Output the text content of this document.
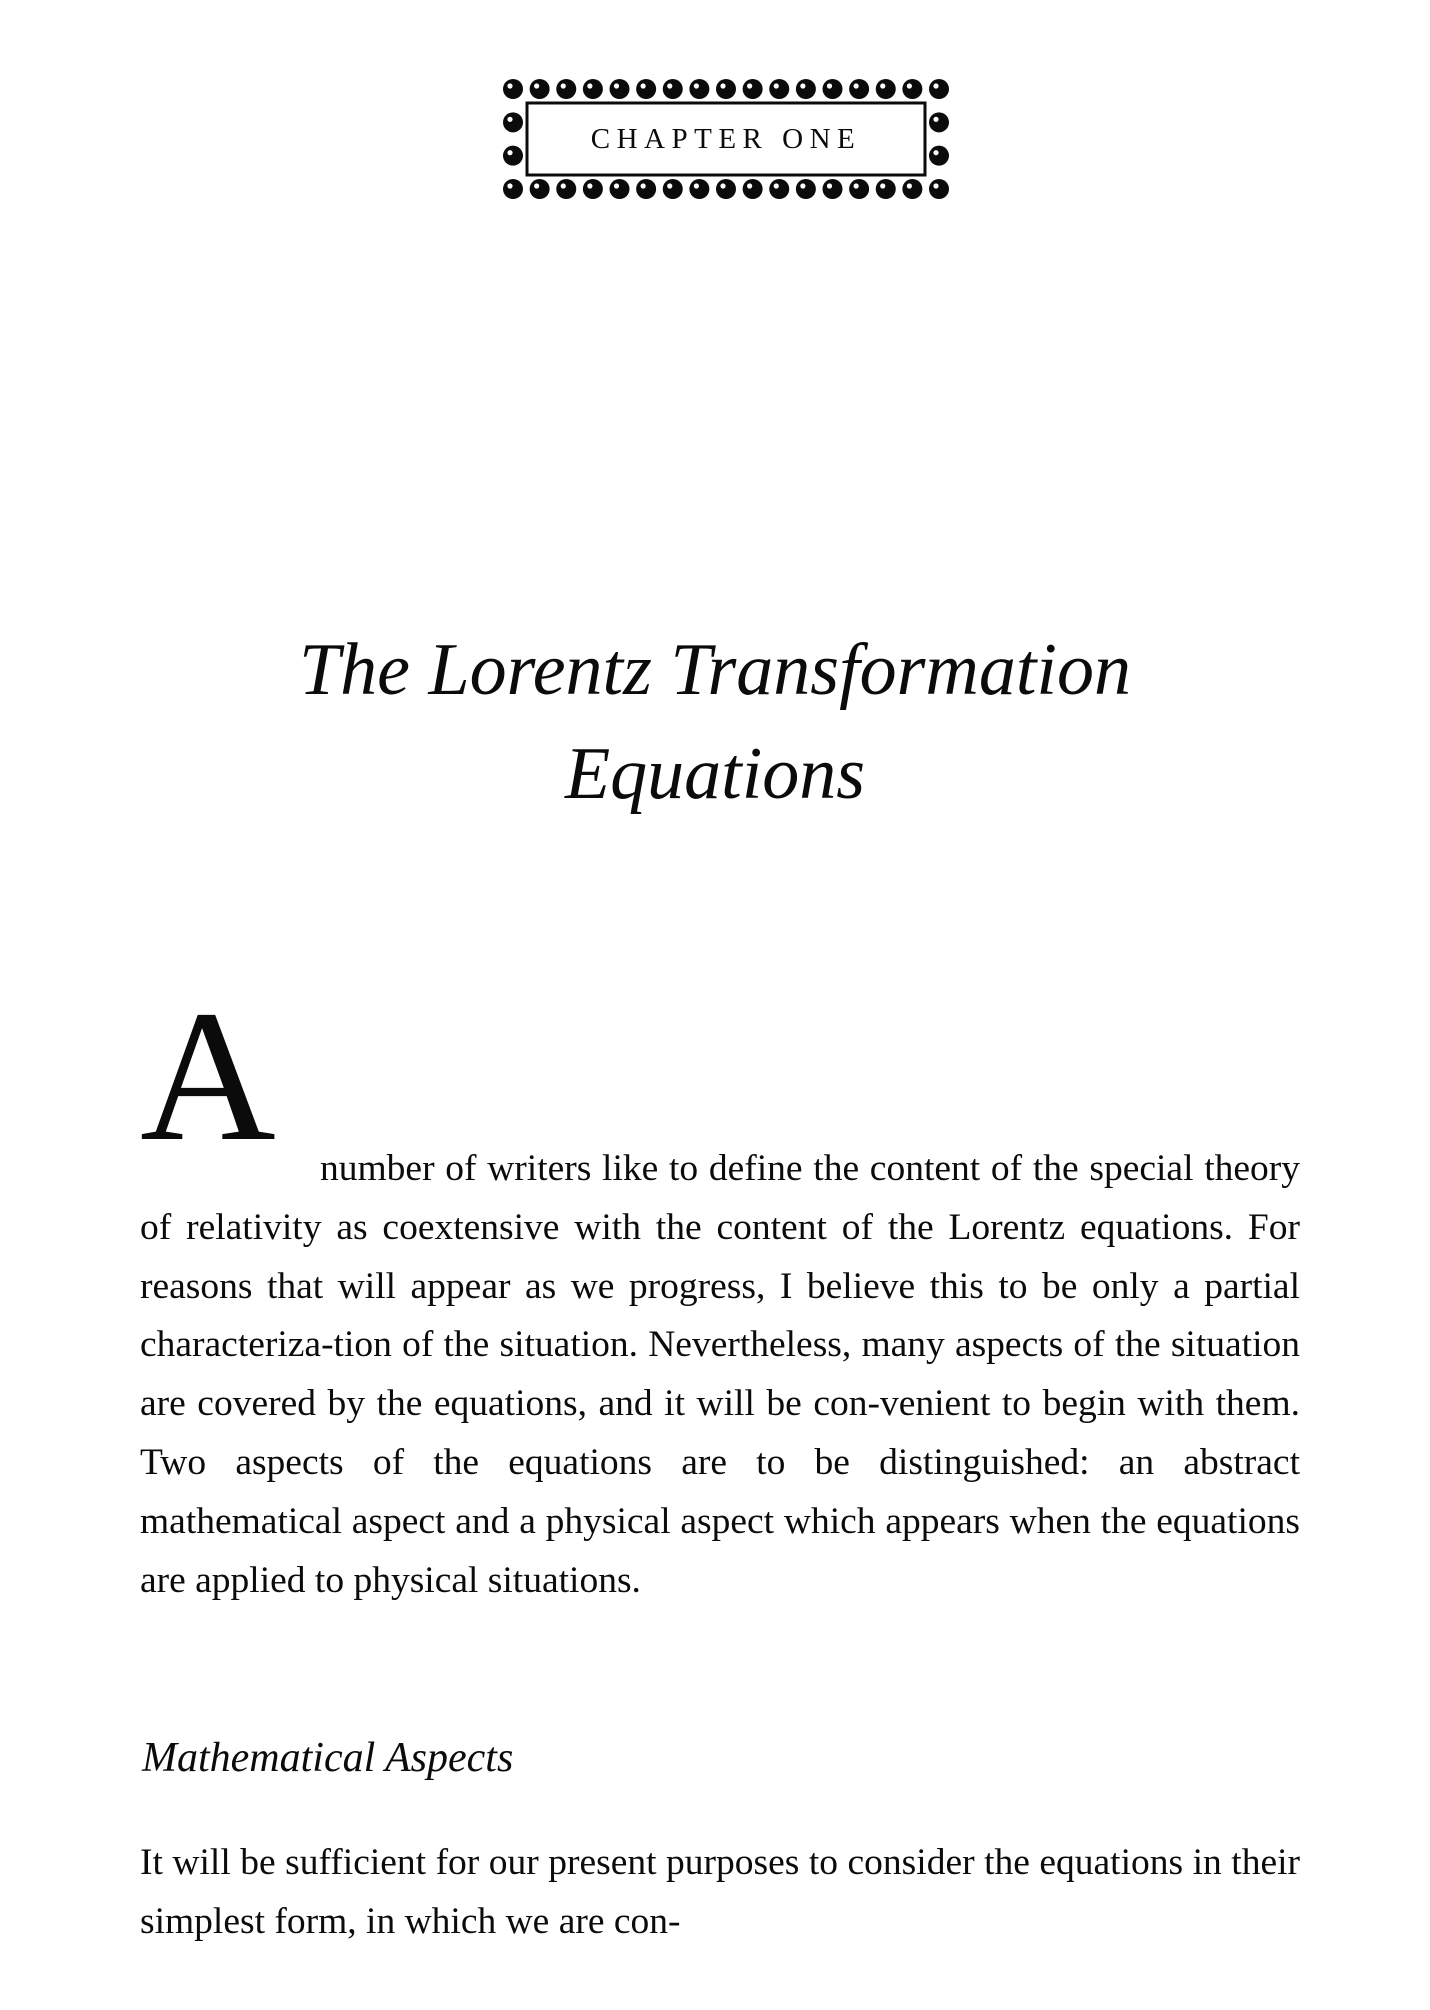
CHAPTER ONE
The Lorentz Transformation
Equations
A	number of writers like to define the content of the special theory of relativity as coextensive with the content of the Lorentz equations. For reasons that will appear as we progress, I believe this to be only a partial characteriza-tion of the situation. Nevertheless, many aspects of the situation are covered by the equations, and it will be con-venient to begin with them. Two aspects of the equations are to be distinguished: an abstract mathematical aspect and a physical aspect which appears when the equations are applied to physical situations.
Mathematical Aspects
It will be sufficient for our present purposes to consider the equations in their simplest form, in which we are con-
